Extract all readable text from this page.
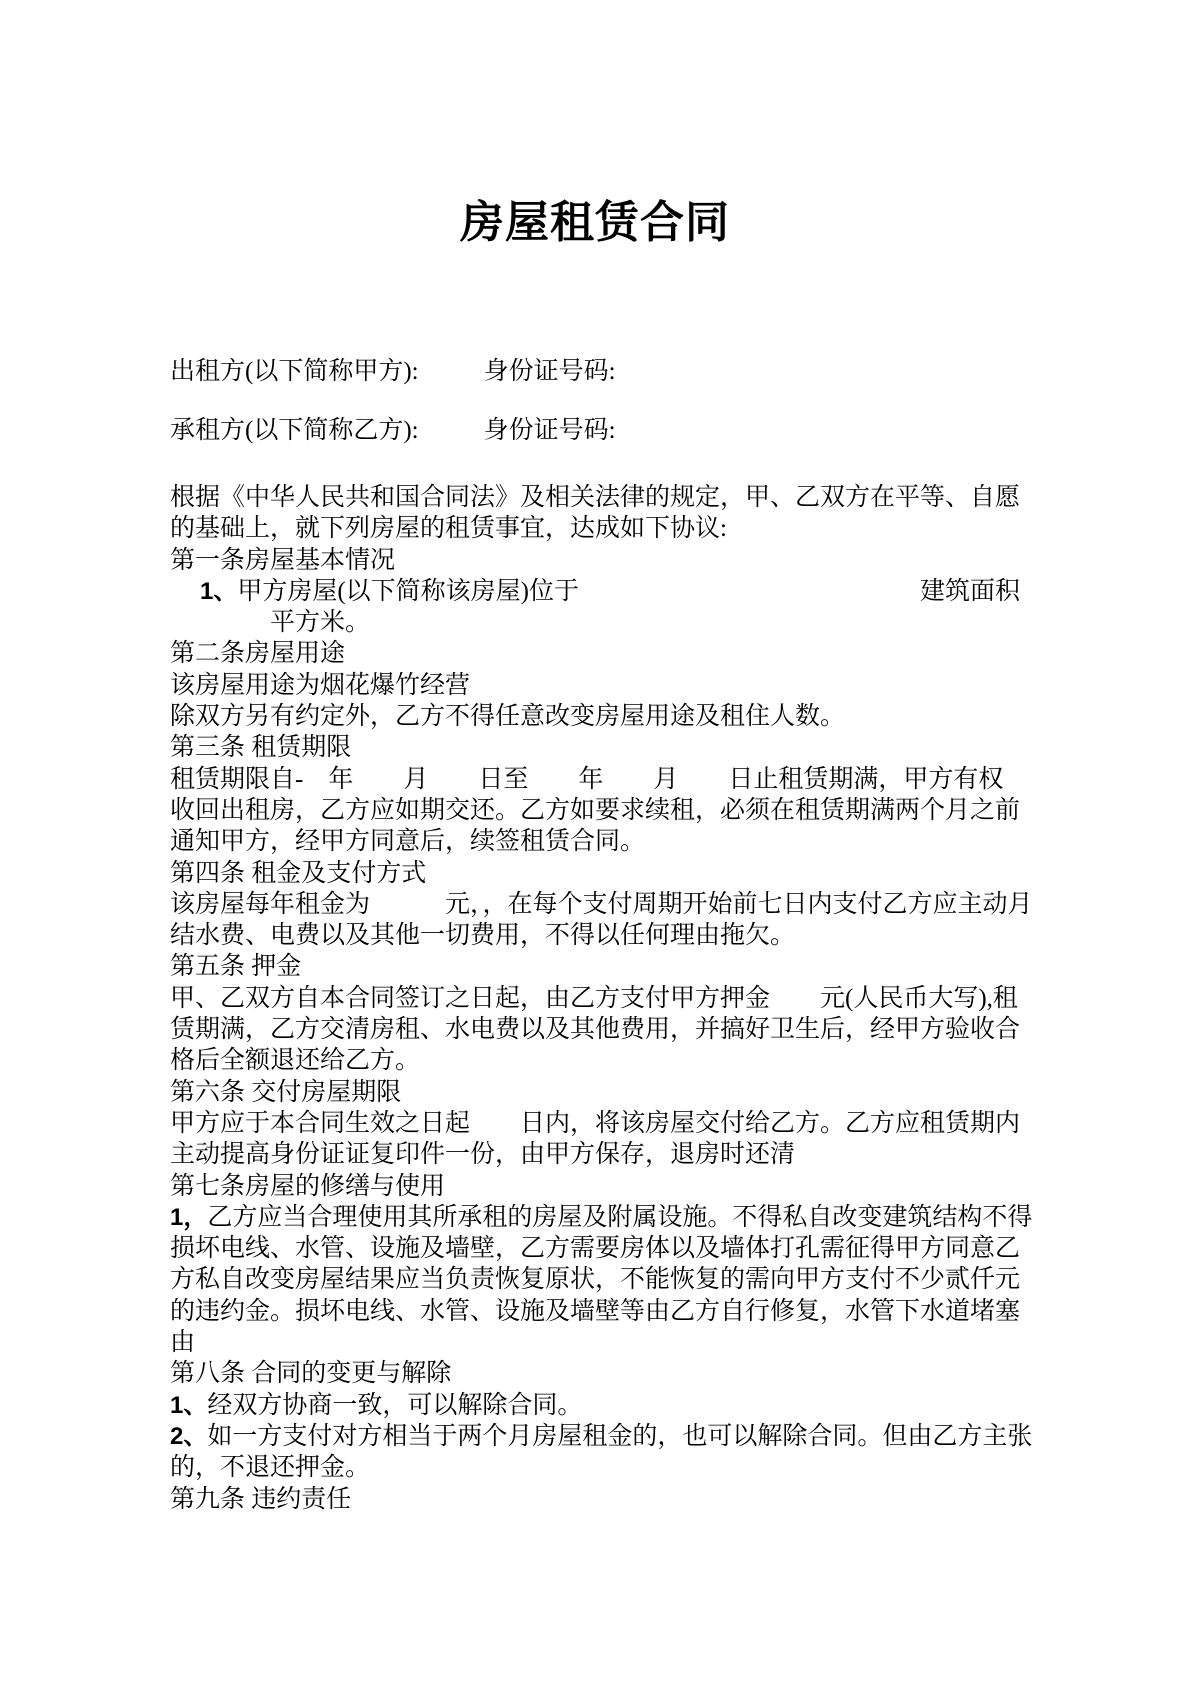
房屋租赁合同
出租方(以下简称甲方):	身份证号码:
承租方(以下简称乙方):	身份证号码:
根据《中华人民共和国合同法》及相关法律的规定，甲、乙双方在平等、自愿
的基础上，就下列房屋的租赁事宜，达成如下协议:
第一条房屋基本情况
1、甲方房屋(以下简称该房屋)位于	建筑面积
平方米。
第二条房屋用途
该房屋用途为烟花爆竹经营
除双方另有约定外，乙方不得任意改变房屋用途及租住人数。
第三条 租赁期限
租赁期限自-　年　　月　　日至　　年　　月　　日止租赁期满，甲方有权
收回出租房，乙方应如期交还。乙方如要求续租，必须在租赁期满两个月之前
通知甲方，经甲方同意后，续签租赁合同。
第四条 租金及支付方式
该房屋每年租金为　　　元，，在每个支付周期开始前七日内支付乙方应主动月
结水费、电费以及其他一切费用，不得以任何理由拖欠。
第五条 押金
甲、乙双方自本合同签订之日起，由乙方支付甲方押金　　元(人民币大写),租
赁期满，乙方交清房租、水电费以及其他费用，并搞好卫生后，经甲方验收合
格后全额退还给乙方。
第六条 交付房屋期限
甲方应于本合同生效之日起　　日内，将该房屋交付给乙方。乙方应租赁期内
主动提高身份证证复印件一份，由甲方保存，退房时还清
第七条房屋的修缮与使用
1，乙方应当合理使用其所承租的房屋及附属设施。不得私自改变建筑结构不得
损坏电线、水管、设施及墙壁，乙方需要房体以及墙体打孔需征得甲方同意乙
方私自改变房屋结果应当负责恢复原状，不能恢复的需向甲方支付不少贰仟元
的违约金。损坏电线、水管、设施及墙壁等由乙方自行修复，水管下水道堵塞
由
第八条 合同的变更与解除
1、经双方协商一致，可以解除合同。
2、如一方支付对方相当于两个月房屋租金的，也可以解除合同。但由乙方主张
的，不退还押金。
第九条 违约责任
